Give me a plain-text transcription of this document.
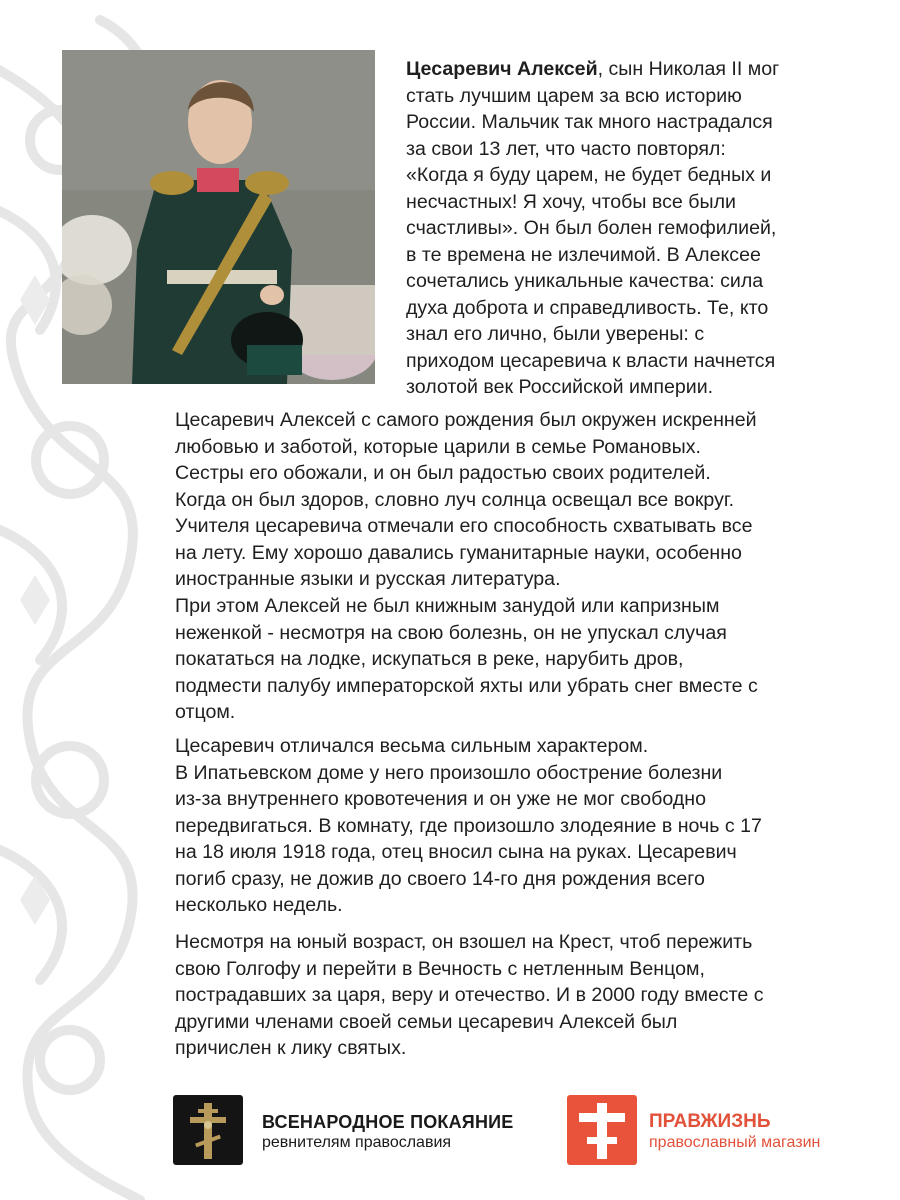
Цесаревич Алексей, сын Николая II мог

стать лучшим царем за всю историю

России. Мальчик так много настрадался

за свои 13 лет, что часто повторял:

«Когда я буду царем, не будет бедных и

несчастных! Я хочу, чтобы все были

счастливы». Он был болен гемофилией,

в те времена не излечимой. В Алексее

сочетались уникальные качества: сила

духа доброта и справедливость. Те, кто

знал его лично, были уверены: с

приходом цесаревича к власти начнется

золотой век Российской империи.

Цесаревич Алексей с самого рождения был окружен искренней

любовью и заботой, которые царили в семье Романовых.

Сестры его обожали, и он был радостью своих родителей.

Когда он был здоров, словно луч солнца освещал все вокруг.

Учителя цесаревича отмечали его способность схватывать все

на лету. Ему хорошо давались гуманитарные науки, особенно

иностранные языки и русская литература.

При этом Алексей не был книжным занудой или капризным

неженкой - несмотря на свою болезнь, он не упускал случая

покататься на лодке, искупаться в реке, нарубить дров,

подмести палубу императорской яхты или убрать снег вместе с

отцом.

Цесаревич отличался весьма сильным характером.

В Ипатьевском доме у него произошло обострение болезни

из-за внутреннего кровотечения и он уже не мог свободно

передвигаться. В комнату, где произошло злодеяние в ночь с 17

на 18 июля 1918 года, отец вносил сына на руках. Цесаревич

погиб сразу, не дожив до своего 14-го дня рождения всего

несколько недель.

Несмотря на юный возраст, он взошел на Крест, чтоб пережить

свою Голгофу и перейти в Вечность с нетленным Венцом,

пострадавших за царя, веру и отечество. И в 2000 году вместе с

другими членами своей семьи цесаревич Алексей был

причислен к лику святых.

ВСЕНАРОДНОЕ ПОКАЯНИЕ
ревнителям православия
ПРАВЖИЗНЬ
православный магазин
